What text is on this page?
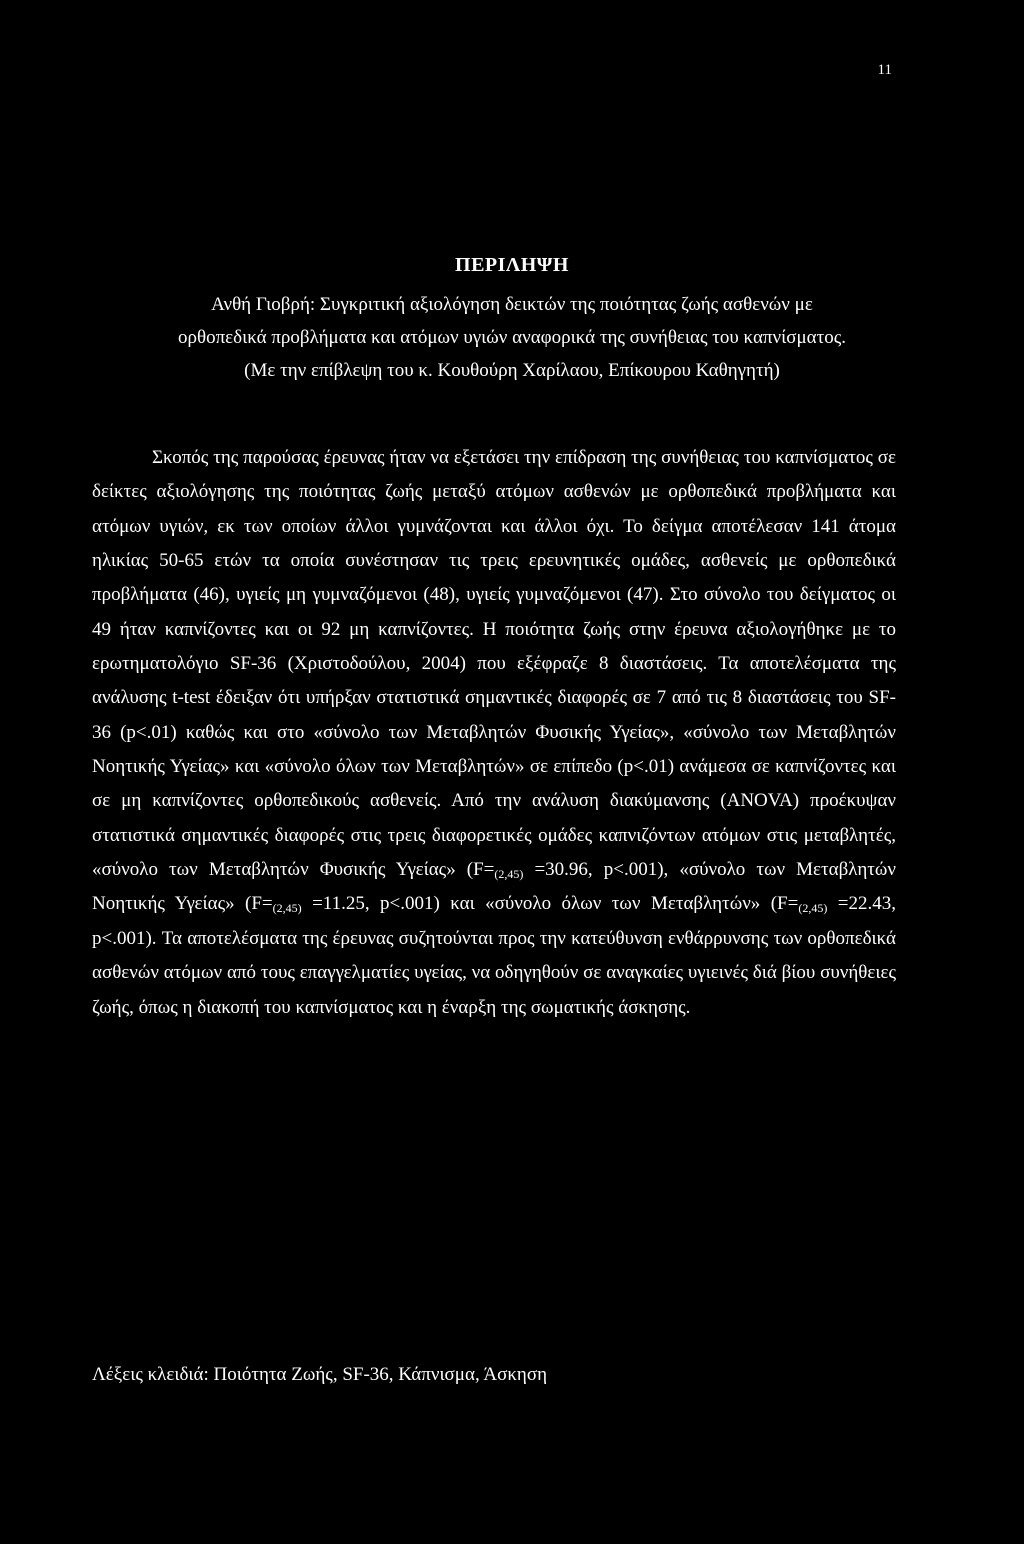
11
ΠΕΡΙΛΗΨΗ
Ανθή Γιοβρή: Συγκριτική αξιολόγηση δεικτών της ποιότητας ζωής ασθενών με
ορθοπεδικά προβλήματα και ατόμων υγιών αναφορικά της συνήθειας του καπνίσματος.
(Με την επίβλεψη του κ. Κουθούρη Χαρίλαου, Επίκουρου Καθηγητή)

Σκοπός της παρούσας έρευνας ήταν να εξετάσει την επίδραση της συνήθειας του καπνίσματος σε δείκτες αξιολόγησης της ποιότητας ζωής μεταξύ ατόμων ασθενών με ορθοπεδικά προβλήματα και ατόμων υγιών, εκ των οποίων άλλοι γυμνάζονται και άλλοι όχι. Το δείγμα αποτέλεσαν 141 άτομα ηλικίας 50-65 ετών τα οποία συνέστησαν τις τρεις ερευνητικές ομάδες, ασθενείς με ορθοπεδικά προβλήματα (46), υγιείς μη γυμναζόμενοι (48), υγιείς γυμναζόμενοι (47). Στο σύνολο του δείγματος οι 49 ήταν καπνίζοντες και οι 92 μη καπνίζοντες. Η ποιότητα ζωής στην έρευνα αξιολογήθηκε με το ερωτηματολόγιο SF-36 (Χριστοδούλου, 2004) που εξέφραζε 8 διαστάσεις. Τα αποτελέσματα της ανάλυσης t-test έδειξαν ότι υπήρξαν στατιστικά σημαντικές διαφορές σε 7 από τις 8 διαστάσεις του SF-36 (p<.01) καθώς και στο «σύνολο των Μεταβλητών Φυσικής Υγείας», «σύνολο των Μεταβλητών Νοητικής Υγείας» και «σύνολο όλων των Μεταβλητών» σε επίπεδο (p<.01) ανάμεσα σε καπνίζοντες και σε μη καπνίζοντες ορθοπεδικούς ασθενείς. Από την ανάλυση διακύμανσης (ANOVA) προέκυψαν στατιστικά σημαντικές διαφορές στις τρεις διαφορετικές ομάδες καπνιζόντων ατόμων στις μεταβλητές, «σύνολο των Μεταβλητών Φυσικής Υγείας» ($F=_{(2,45)} =30.96$, p<.001), «σύνολο των Μεταβλητών Νοητικής Υγείας» ($F=_{(2,45)} =11.25$, p<.001) και «σύνολο όλων των Μεταβλητών» ($F=_{(2,45)} =22.43$, p<.001). Τα αποτελέσματα της έρευνας συζητούνται προς την κατεύθυνση ενθάρρυνσης των ορθοπεδικά ασθενών ατόμων από τους επαγγελματίες υγείας, να οδηγηθούν σε αναγκαίες υγιεινές διά βίου συνήθειες ζωής, όπως η διακοπή του καπνίσματος και η έναρξη της σωματικής άσκησης.

Λέξεις κλειδιά: Ποιότητα Ζωής, SF-36, Κάπνισμα, Άσκηση
